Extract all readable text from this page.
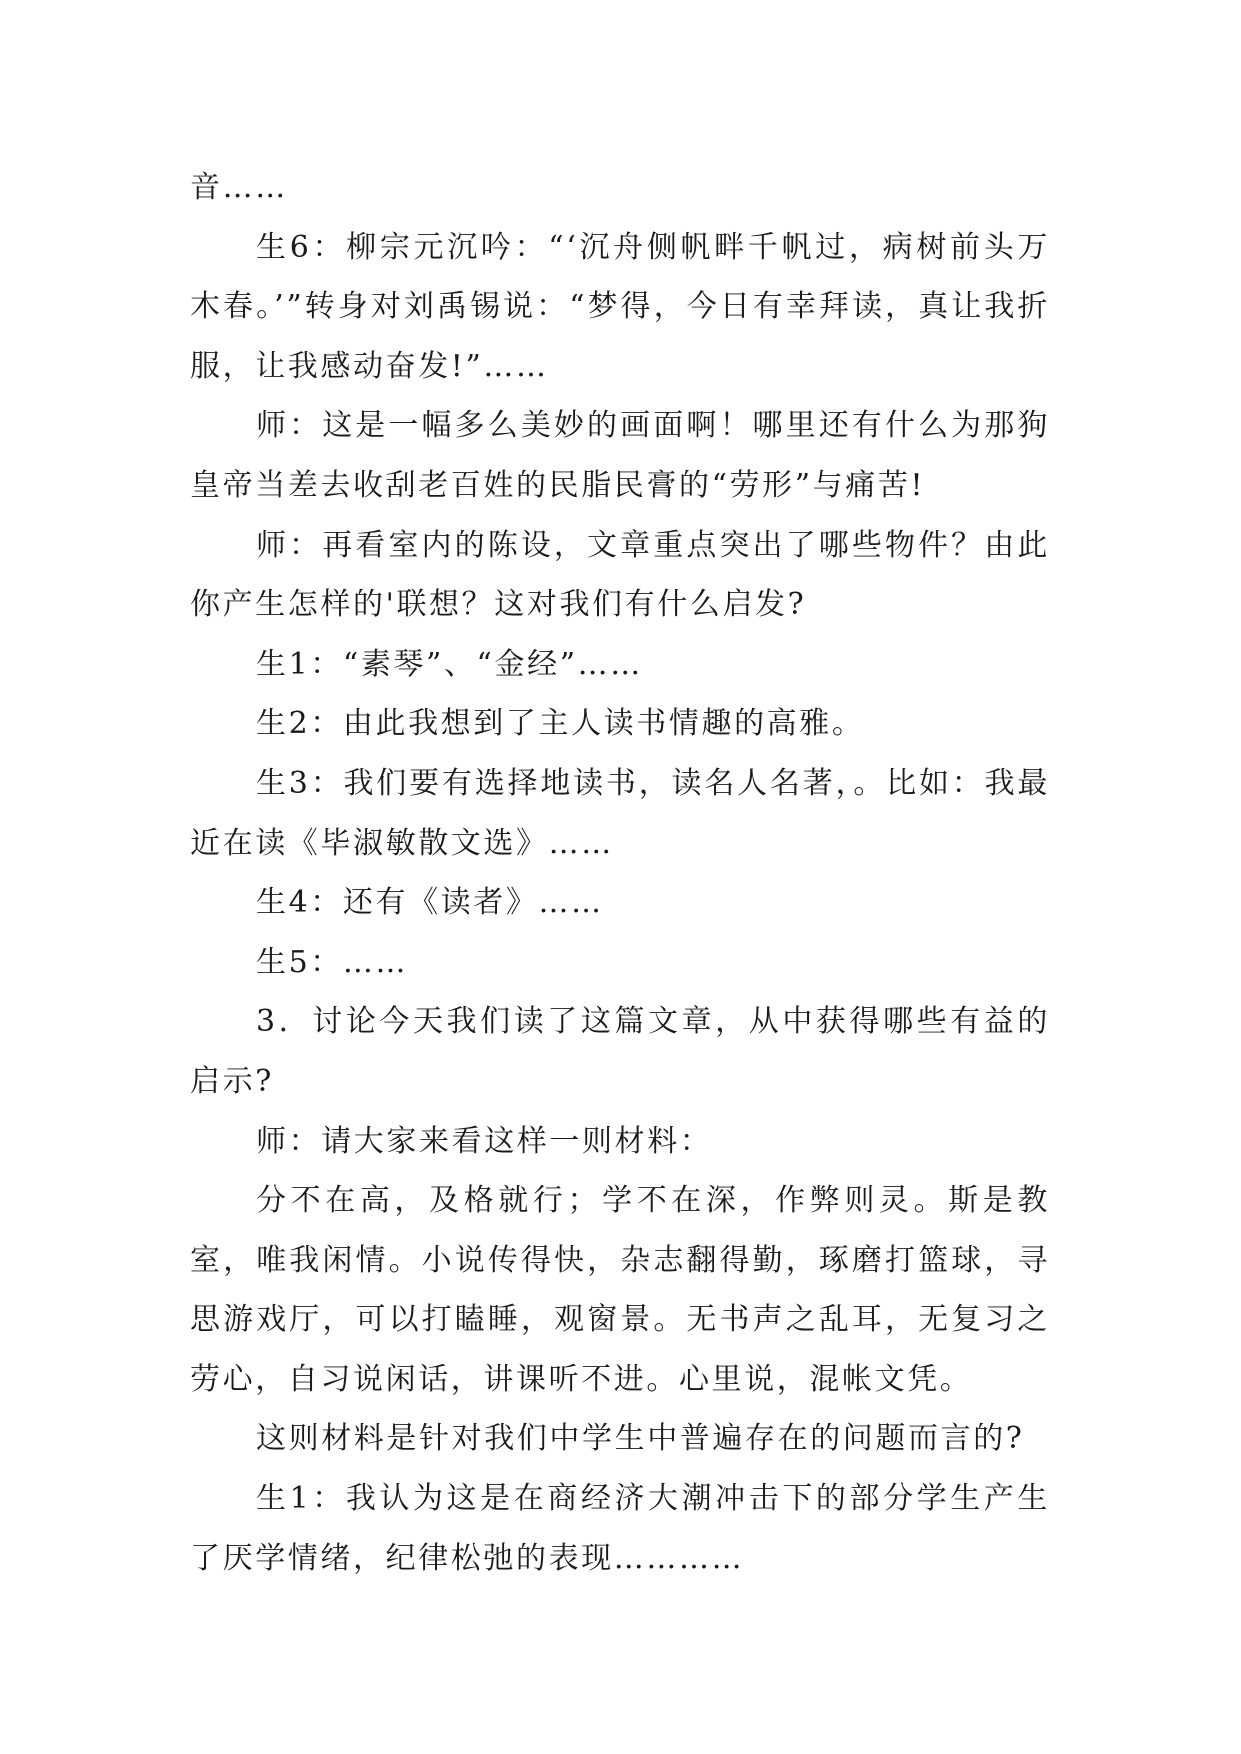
音……

生6：柳宗元沉吟：“‘沉舟侧帆畔千帆过，病树前头万木春。’”转身对刘禹锡说：“梦得，今日有幸拜读，真让我折服，让我感动奋发!”……

师：这是一幅多么美妙的画面啊！哪里还有什么为那狗皇帝当差去收刮老百姓的民脂民膏的“劳形”与痛苦!

师：再看室内的陈设，文章重点突出了哪些物件？由此你产生怎样的'联想？这对我们有什么启发?

生1：“素琴”、“金经”……

生2：由此我想到了主人读书情趣的高雅。

生3：我们要有选择地读书，读名人名著，。比如：我最近在读《毕淑敏散文选》……

生4：还有《读者》……

生5：……

3．讨论今天我们读了这篇文章，从中获得哪些有益的启示?

师：请大家来看这样一则材料：

分不在高，及格就行；学不在深，作弊则灵。斯是教室，唯我闲情。小说传得快，杂志翻得勤，琢磨打篮球，寻思游戏厅，可以打瞌睡，观窗景。无书声之乱耳，无复习之劳心，自习说闲话，讲课听不进。心里说，混帐文凭。

这则材料是针对我们中学生中普遍存在的问题而言的?

生1：我认为这是在商经济大潮冲击下的部分学生产生了厌学情绪，纪律松弛的表现…………
